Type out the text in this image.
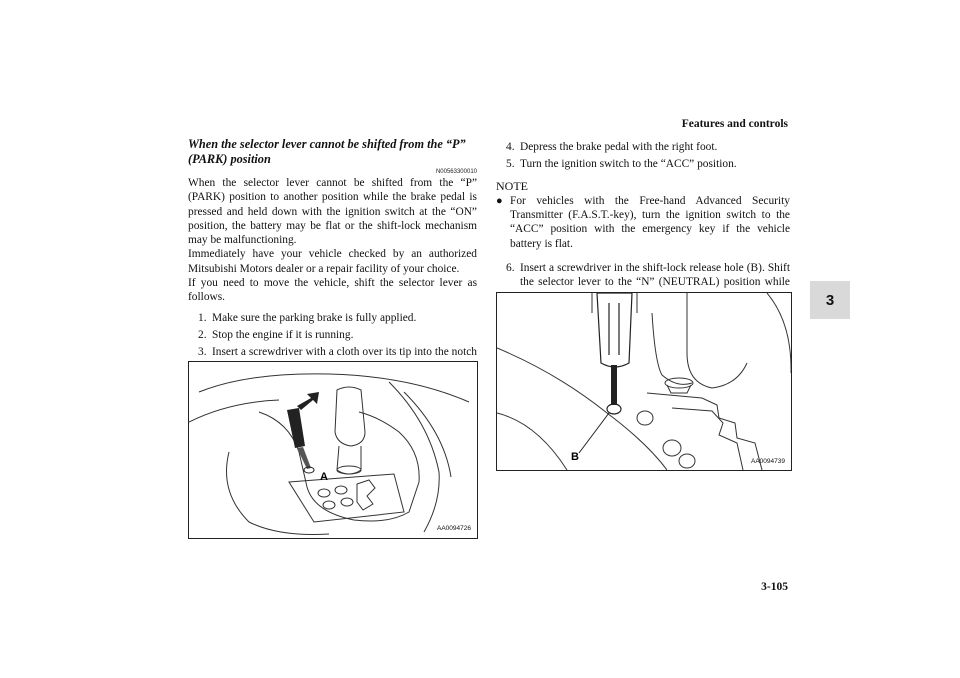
Features and controls
3
When the selector lever cannot be shifted from the “P” (PARK) position
N00563300010

When the selector lever cannot be shifted from the “P” (PARK) position to another position while the brake pedal is pressed and held down with the ignition switch at the “ON” position, the battery may be flat or the shift-lock mechanism may be malfunctioning.

Immediately have your vehicle checked by an authorized Mitsubishi Motors dealer or a repair facility of your choice.

If you need to move the vehicle, shift the selector lever as follows.

1. Make sure the parking brake is fully applied.
2. Stop the engine if it is running.
3. Insert a screwdriver with a cloth over its tip into the notch
A
AA0094726
4. Depress the brake pedal with the right foot.
5. Turn the ignition switch to the “ACC” position.
NOTE
● For vehicles with the Free-hand Advanced Security Transmitter (F.A.S.T.-key), turn the ignition switch to the “ACC” position with the emergency key if the vehicle battery is flat.
6. Insert a screwdriver in the shift-lock release hole (B). Shift the selector lever to the “N” (NEUTRAL) position while
B	AA0094739
3-105
